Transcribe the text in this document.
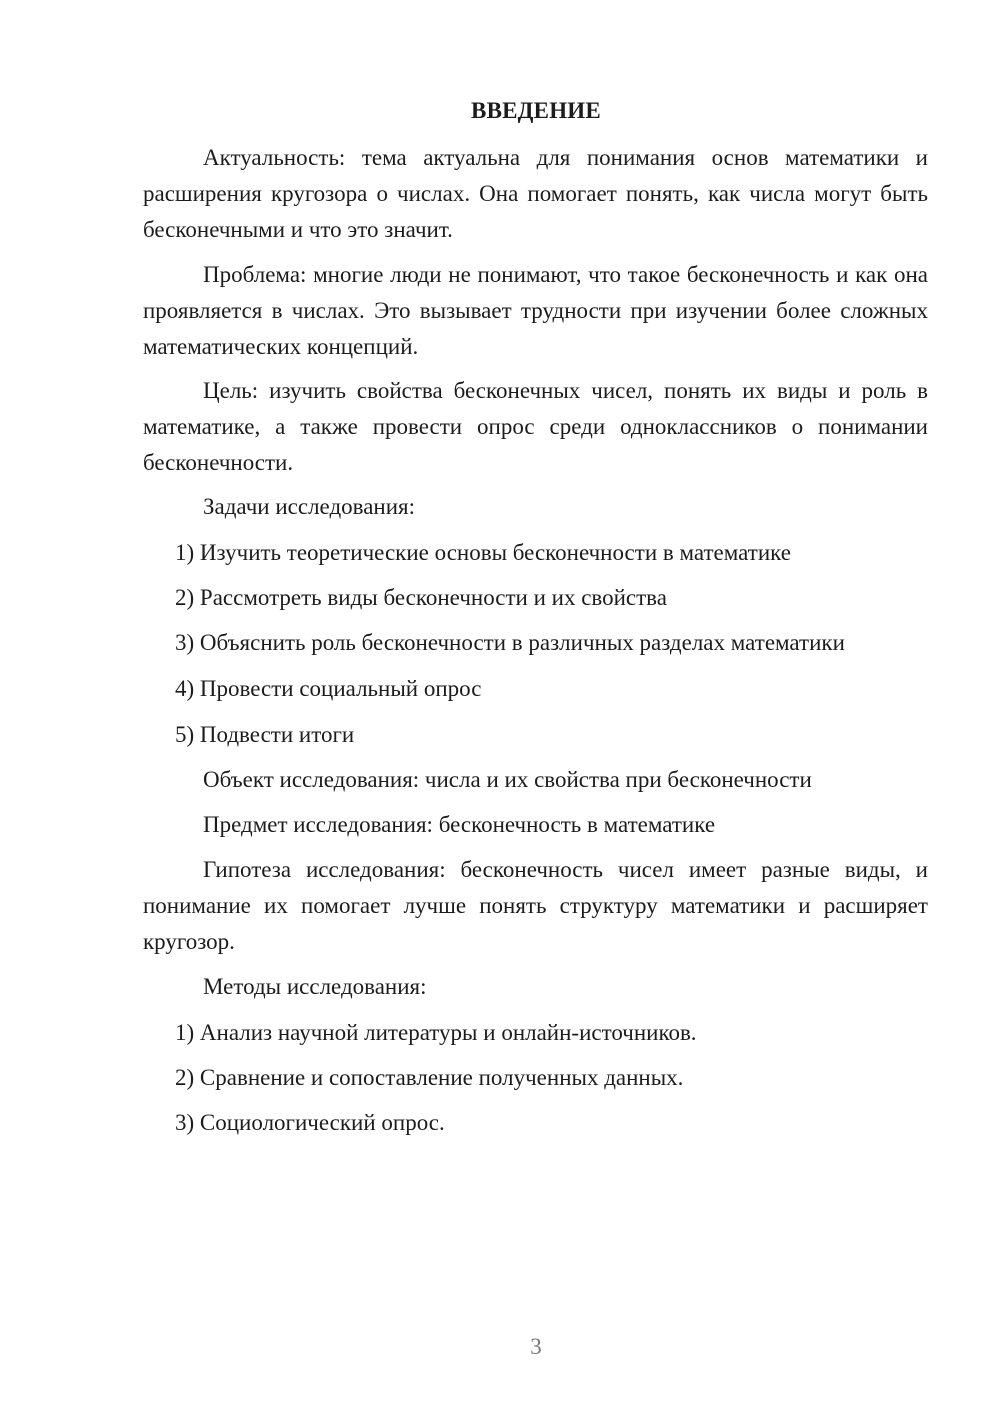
ВВЕДЕНИЕ

Актуальность: тема актуальна для понимания основ математики и расширения кругозора о числах. Она помогает понять, как числа могут быть бесконечными и что это значит.

Проблема: многие люди не понимают, что такое бесконечность и как она проявляется в числах. Это вызывает трудности при изучении более сложных математических концепций.

Цель: изучить свойства бесконечных чисел, понять их виды и роль в математике, а также провести опрос среди одноклассников о понимании бесконечности.

Задачи исследования:
1) Изучить теоретические основы бесконечности в математике
2) Рассмотреть виды бесконечности и их свойства
3) Объяснить роль бесконечности в различных разделах математики
4) Провести социальный опрос
5) Подвести итоги
Объект исследования: числа и их свойства при бесконечности
Предмет исследования: бесконечность в математике

Гипотеза исследования: бесконечность чисел имеет разные виды, и понимание их помогает лучше понять структуру математики и расширяет кругозор.

Методы исследования:
1) Анализ научной литературы и онлайн-источников.
2) Сравнение и сопоставление полученных данных.
3) Социологический опрос.
3
